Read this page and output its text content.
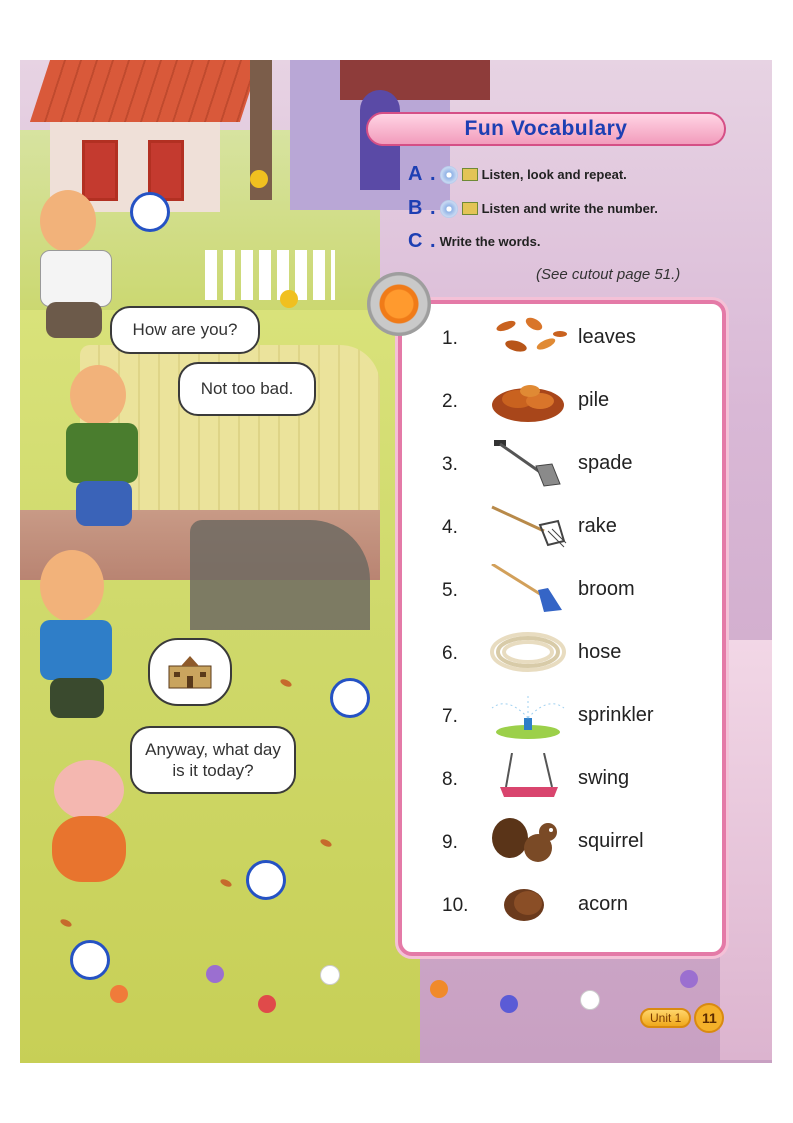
How are you?
Not too bad.
Anyway, what day is it today?
Fun Vocabulary
A .	Listen, look and repeat.
B .	Listen and write the number.
C . Write the words.
(See cutout page 51.)
1.	leaves
2.	pile
3.	spade
4.	rake
5.	broom
6.	hose
7.	sprinkler
8.	swing
9.	squirrel
10.	acorn
Unit 1	11
